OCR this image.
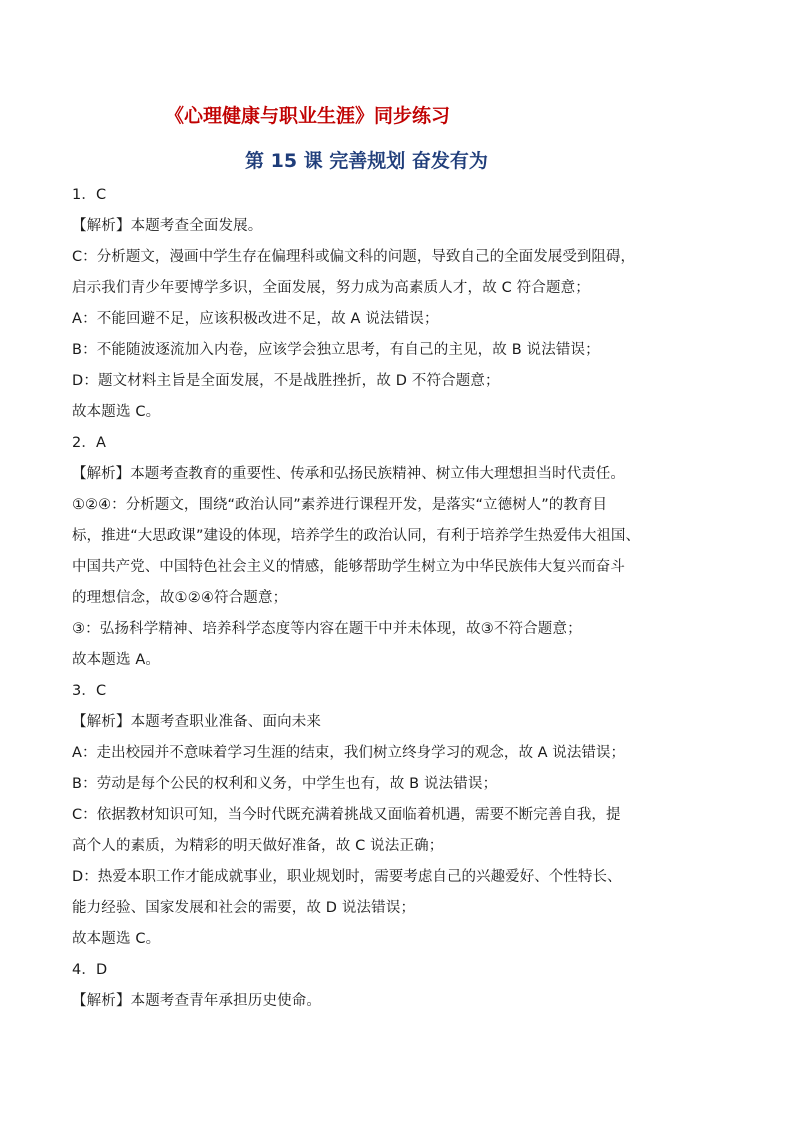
《心理健康与职业生涯》同步练习
第 15 课 完善规划 奋发有为
1．C
【解析】本题考查全面发展。
C：分析题文，漫画中学生存在偏理科或偏文科的问题，导致自己的全面发展受到阻碍，
启示我们青少年要博学多识，全面发展，努力成为高素质人才，故 C 符合题意；
A：不能回避不足，应该积极改进不足，故 A 说法错误；
B：不能随波逐流加入内卷，应该学会独立思考，有自己的主见，故 B 说法错误；
D：题文材料主旨是全面发展，不是战胜挫折，故 D 不符合题意；
故本题选 C。
2．A
【解析】本题考查教育的重要性、传承和弘扬民族精神、树立伟大理想担当时代责任。
①②④：分析题文，围绕“政治认同”素养进行课程开发，是落实“立德树人”的教育目
标，推进“大思政课”建设的体现，培养学生的政治认同，有利于培养学生热爱伟大祖国、
中国共产党、中国特色社会主义的情感，能够帮助学生树立为中华民族伟大复兴而奋斗
的理想信念，故①②④符合题意；
③：弘扬科学精神、培养科学态度等内容在题干中并未体现，故③不符合题意；
故本题选 A。
3．C
【解析】本题考查职业准备、面向未来
A：走出校园并不意味着学习生涯的结束，我们树立终身学习的观念，故 A 说法错误；
B：劳动是每个公民的权利和义务，中学生也有，故 B 说法错误；
C：依据教材知识可知，当今时代既充满着挑战又面临着机遇，需要不断完善自我，提
高个人的素质，为精彩的明天做好准备，故 C 说法正确；
D：热爱本职工作才能成就事业，职业规划时，需要考虑自己的兴趣爱好、个性特长、
能力经验、国家发展和社会的需要，故 D 说法错误；
故本题选 C。
4．D
【解析】本题考查青年承担历史使命。
